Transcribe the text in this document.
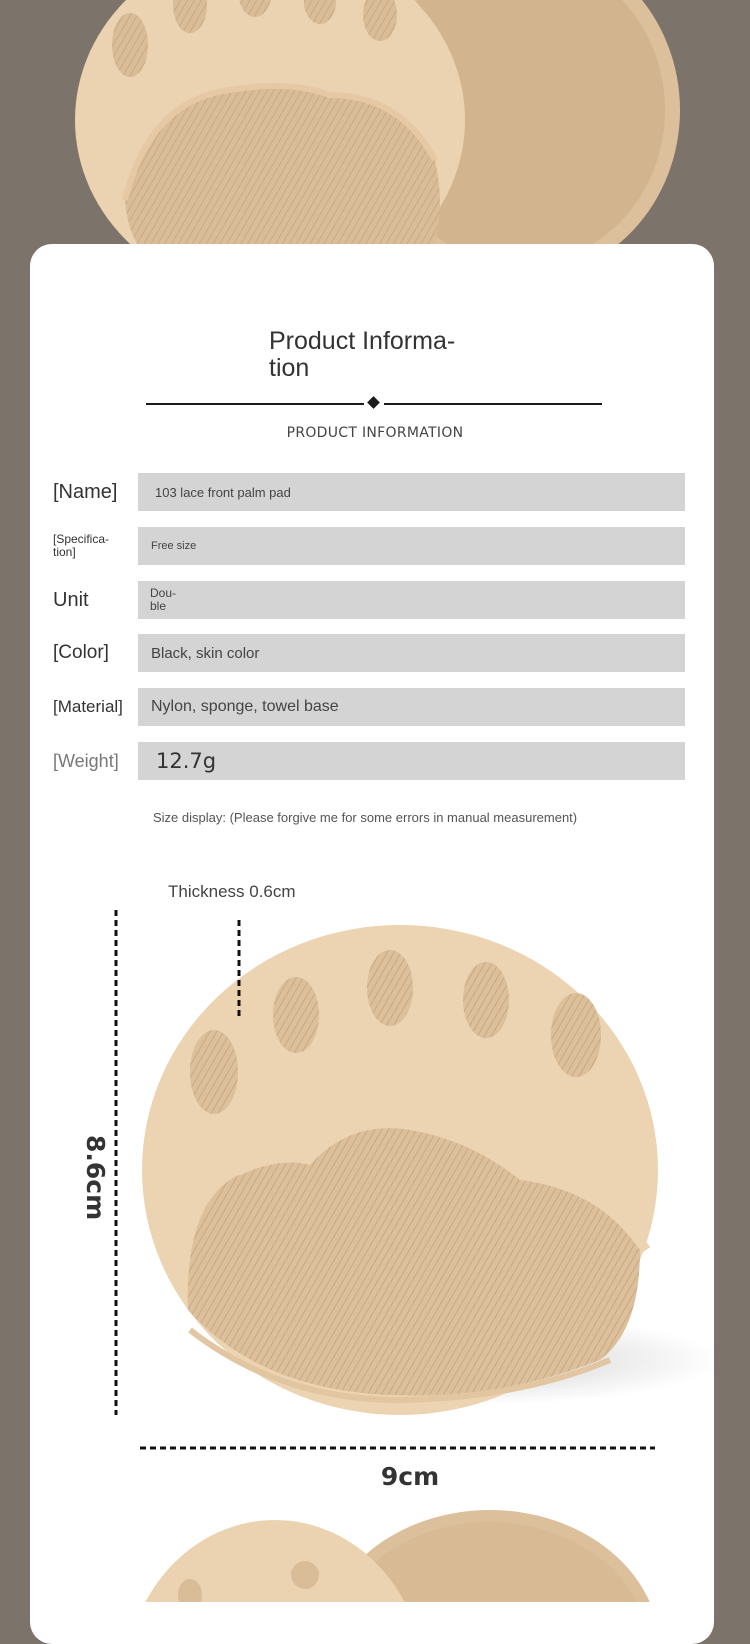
Product Informa-
tion
PRODUCT INFORMATION
[Name]	103 lace front palm pad
[Specifica-
tion]	Free size
Unit	Dou-
ble
[Color]	Black, skin color
[Material]	Nylon, sponge, towel base
[Weight]	12.7g
Size display: (Please forgive me for some errors in manual measurement)
Thickness 0.6cm
8.6cm
9cm
